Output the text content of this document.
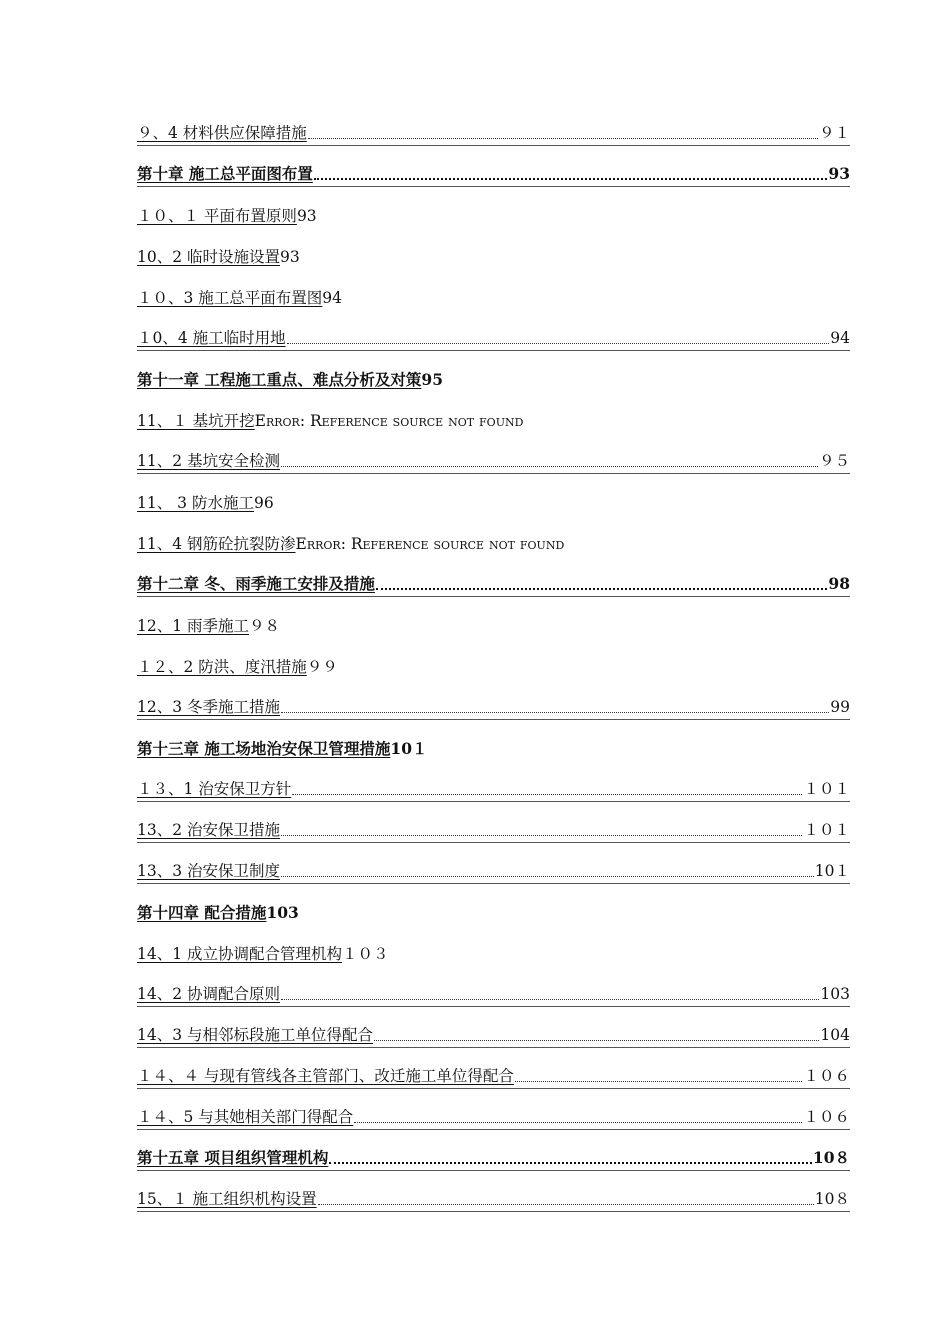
９、4 材料供应保障措施	９１
第十章 施工总平面图布置	93
１０、１ 平面布置原则 93
10、2 临时设施设置 93
１０、3 施工总平面布置图 94
１0、4 施工临时用地	94
第十一章 工程施工重点、难点分析及对策 95
11、１ 基坑开挖 Error: Reference source not found
11、2 基坑安全检测	９５
11、 3 防水施工 96
11、4 钢筋砼抗裂防渗 Error: Reference source not found
第十二章 冬、雨季施工安排及措施	98
12、1 雨季施工 ９８
１２、2 防洪、度汛措施 ９９
12、3 冬季施工措施	99
第十三章 施工场地治安保卫管理措施 10１
１３、1 治安保卫方针	１０１
13、2 治安保卫措施	１０１
13、3 治安保卫制度	10１
第十四章 配合措施 103
14、1 成立协调配合管理机构 １０３
14、2 协调配合原则	103
14、3 与相邻标段施工单位得配合	104
１４、４ 与现有管线各主管部门、改迁施工单位得配合	１０６
１４、5 与其她相关部门得配合	１０６
第十五章 项目组织管理机构	10８
15、１ 施工组织机构设置	10８
